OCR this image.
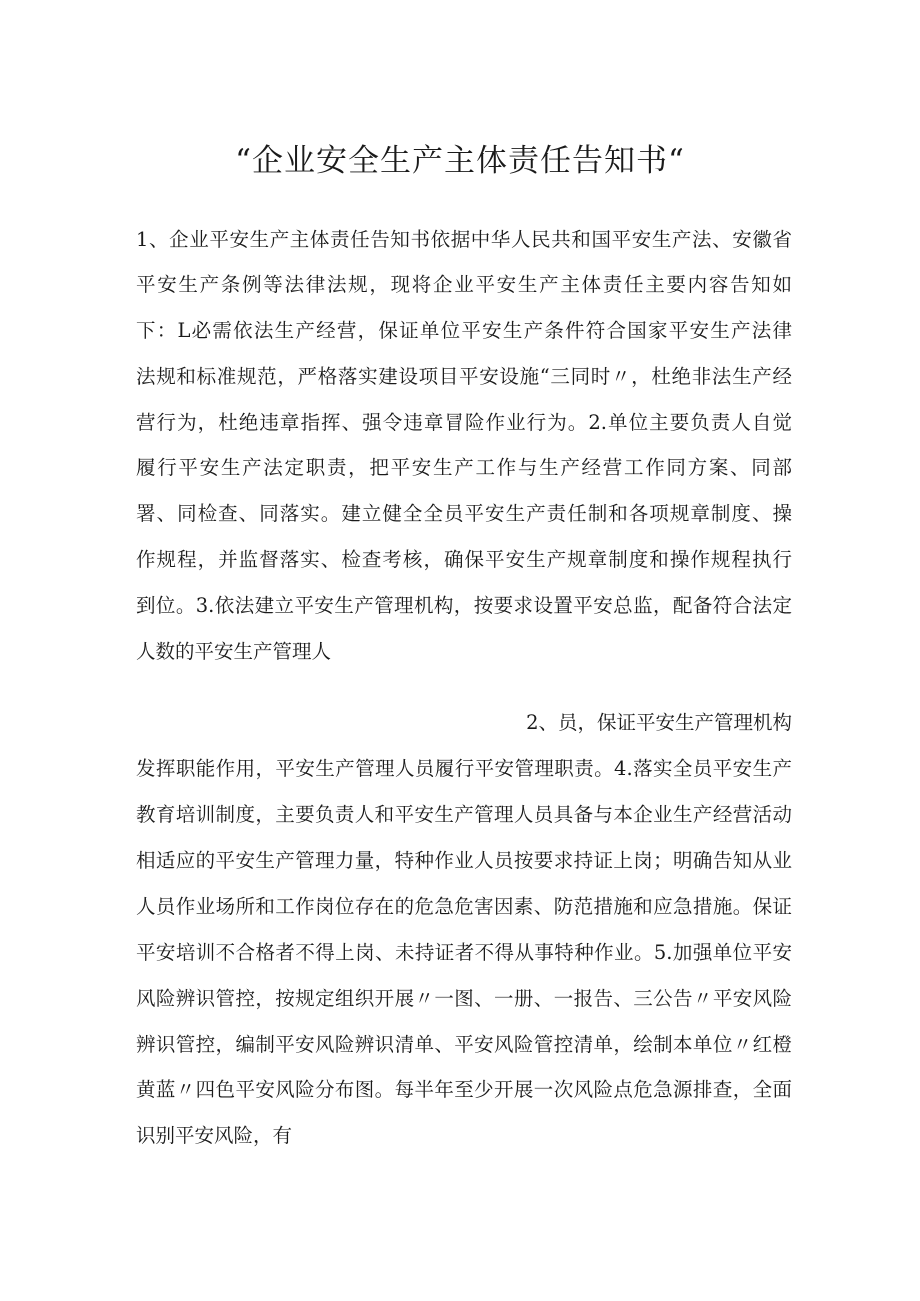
“企业安全生产主体责任告知书“
1、企业平安生产主体责任告知书依据中华人民共和国平安生产法、安徽省
平安生产条例等法律法规，现将企业平安生产主体责任主要内容告知如
下：L必需依法生产经营，保证单位平安生产条件符合国家平安生产法律
法规和标准规范，严格落实建设项目平安设施“三同时〃，杜绝非法生产经
营行为，杜绝违章指挥、强令违章冒险作业行为。2.单位主要负责人自觉
履行平安生产法定职责，把平安生产工作与生产经营工作同方案、同部
署、同检查、同落实。建立健全全员平安生产责任制和各项规章制度、操
作规程，并监督落实、检查考核，确保平安生产规章制度和操作规程执行
到位。3.依法建立平安生产管理机构，按要求设置平安总监，配备符合法定
人数的平安生产管理人
2、员，保证平安生产管理机构
发挥职能作用，平安生产管理人员履行平安管理职责。4.落实全员平安生产
教育培训制度，主要负责人和平安生产管理人员具备与本企业生产经营活动
相适应的平安生产管理力量，特种作业人员按要求持证上岗；明确告知从业
人员作业场所和工作岗位存在的危急危害因素、防范措施和应急措施。保证
平安培训不合格者不得上岗、未持证者不得从事特种作业。5.加强单位平安
风险辨识管控，按规定组织开展〃一图、一册、一报告、三公告〃平安风险
辨识管控，编制平安风险辨识清单、平安风险管控清单，绘制本单位〃红橙
黄蓝〃四色平安风险分布图。每半年至少开展一次风险点危急源排查，全面
识别平安风险，有
